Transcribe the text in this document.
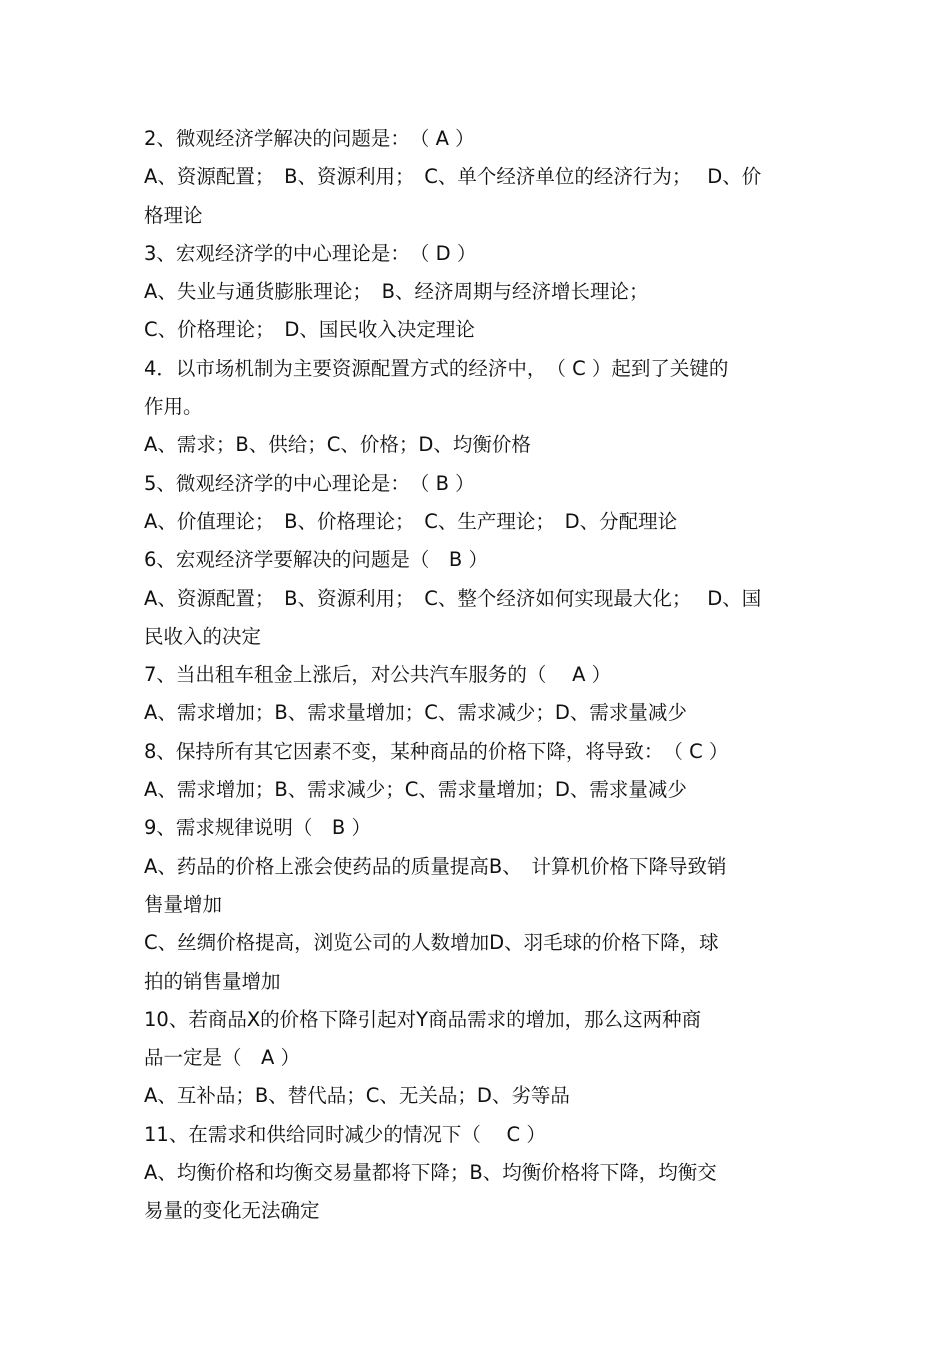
2、微观经济学解决的问题是：　（ A ）
A、资源配置；　B、资源利用；　C、单个经济单位的经济行为；　 D、价
格理论
3、宏观经济学的中心理论是：　（ D ）
A、失业与通货膨胀理论；　B、经济周期与经济增长理论；
C、价格理论；　D、国民收入决定理论
4．以市场机制为主要资源配置方式的经济中，　（ C ）起到了关键的
作用。
A、需求；B、供给；C、价格；D、均衡价格
5、微观经济学的中心理论是：　（ B ）
A、价值理论；　B、价格理论；　C、生产理论；　D、分配理论
6、宏观经济学要解决的问题是（　B ）
A、资源配置；　B、资源利用；　C、整个经济如何实现最大化；　 D、国
民收入的决定
7、当出租车租金上涨后，对公共汽车服务的（　 A ）
A、需求增加；B、需求量增加；C、需求减少；D、需求量减少
8、保持所有其它因素不变，某种商品的价格下降，将导致：　（ C ）
A、需求增加；B、需求减少；C、需求量增加；D、需求量减少
9、需求规律说明（　B ）
A、药品的价格上涨会使药品的质量提高B、　计算机价格下降导致销
售量增加
C、丝绸价格提高，浏览公司的人数增加D、羽毛球的价格下降，球
拍的销售量增加
10、若商品X的价格下降引起对Y商品需求的增加，那么这两种商
品一定是（　A ）
A、互补品；B、替代品；C、无关品；D、劣等品
11、在需求和供给同时减少的情况下（　 C ）
A、均衡价格和均衡交易量都将下降；B、均衡价格将下降，均衡交
易量的变化无法确定
